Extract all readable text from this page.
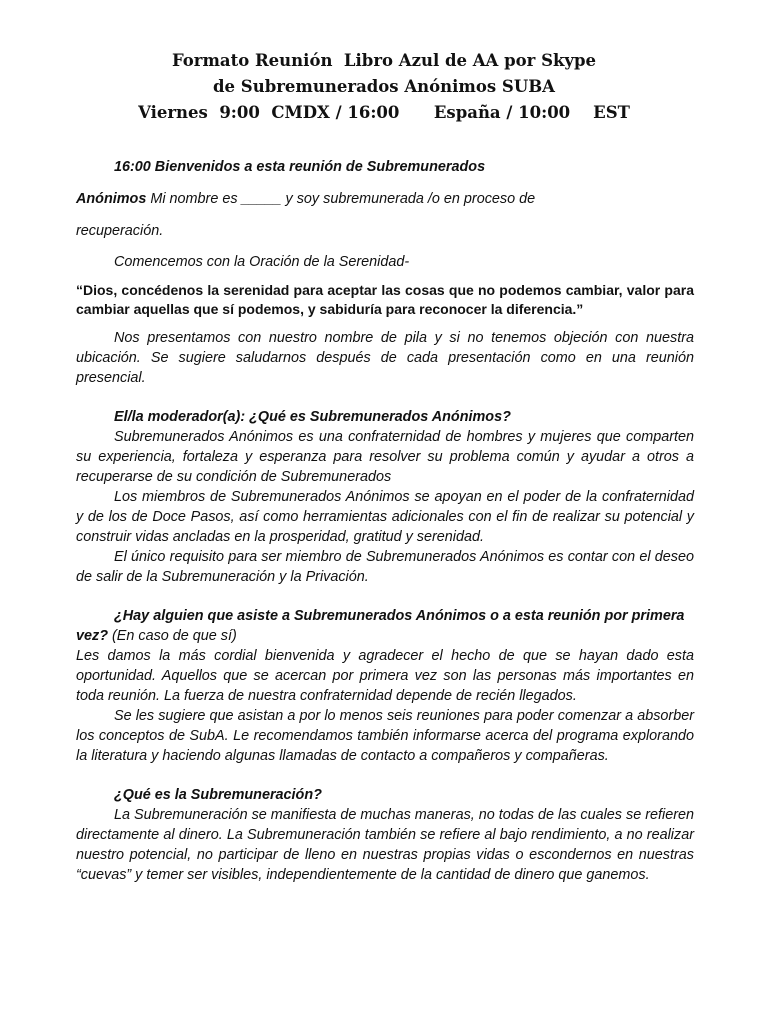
Formato Reunión  Libro Azul de AA por Skype
de Subremunerados Anónimos SUBA
Viernes  9:00  CMDX / 16:00      España / 10:00    EST

16:00 Bienvenidos a esta reunión de Subremunerados

Anónimos Mi nombre es _____ y soy subremunerada /o en proceso de

recuperación.

Comencemos con la Oración de la Serenidad-

“Dios, concédenos la serenidad para aceptar las cosas que no podemos cambiar, valor para cambiar aquellas que sí podemos, y sabiduría para reconocer la diferencia.”

Nos presentamos con nuestro nombre de pila y si no tenemos objeción con nuestra ubicación. Se sugiere saludarnos después de cada presentación como en una reunión presencial.

El/la moderador(a): ¿Qué es Subremunerados Anónimos?

Subremunerados Anónimos es una confraternidad de hombres y mujeres que comparten su experiencia, fortaleza y esperanza para resolver su problema común y ayudar a otros a recuperarse de su condición de Subremunerados

Los miembros de Subremunerados Anónimos se apoyan en el poder de la confraternidad y de los de Doce Pasos, así como herramientas adicionales con el fin de realizar su potencial y construir vidas ancladas en la prosperidad, gratitud y serenidad.

El único requisito para ser miembro de Subremunerados Anónimos es contar con el deseo de salir de la Subremuneración y la Privación.

¿Hay alguien que asiste a Subremunerados Anónimos o a esta reunión por primera vez? (En caso de que sí)

Les damos la más cordial bienvenida y agradecer el hecho de que se hayan dado esta oportunidad. Aquellos que se acercan por primera vez son las personas más importantes en toda reunión. La fuerza de nuestra confraternidad depende de recién llegados.

Se les sugiere que asistan a por lo menos seis reuniones para poder comenzar a absorber los conceptos de SubA. Le recomendamos también informarse acerca del programa explorando la literatura y haciendo algunas llamadas de contacto a compañeros y compañeras.

¿Qué es la Subremuneración?

La Subremuneración se manifiesta de muchas maneras, no todas de las cuales se refieren directamente al dinero. La Subremuneración también se refiere al bajo rendimiento, a no realizar nuestro potencial, no participar de lleno en nuestras propias vidas o escondernos en nuestras “cuevas” y temer ser visibles, independientemente de la cantidad de dinero que ganemos.
